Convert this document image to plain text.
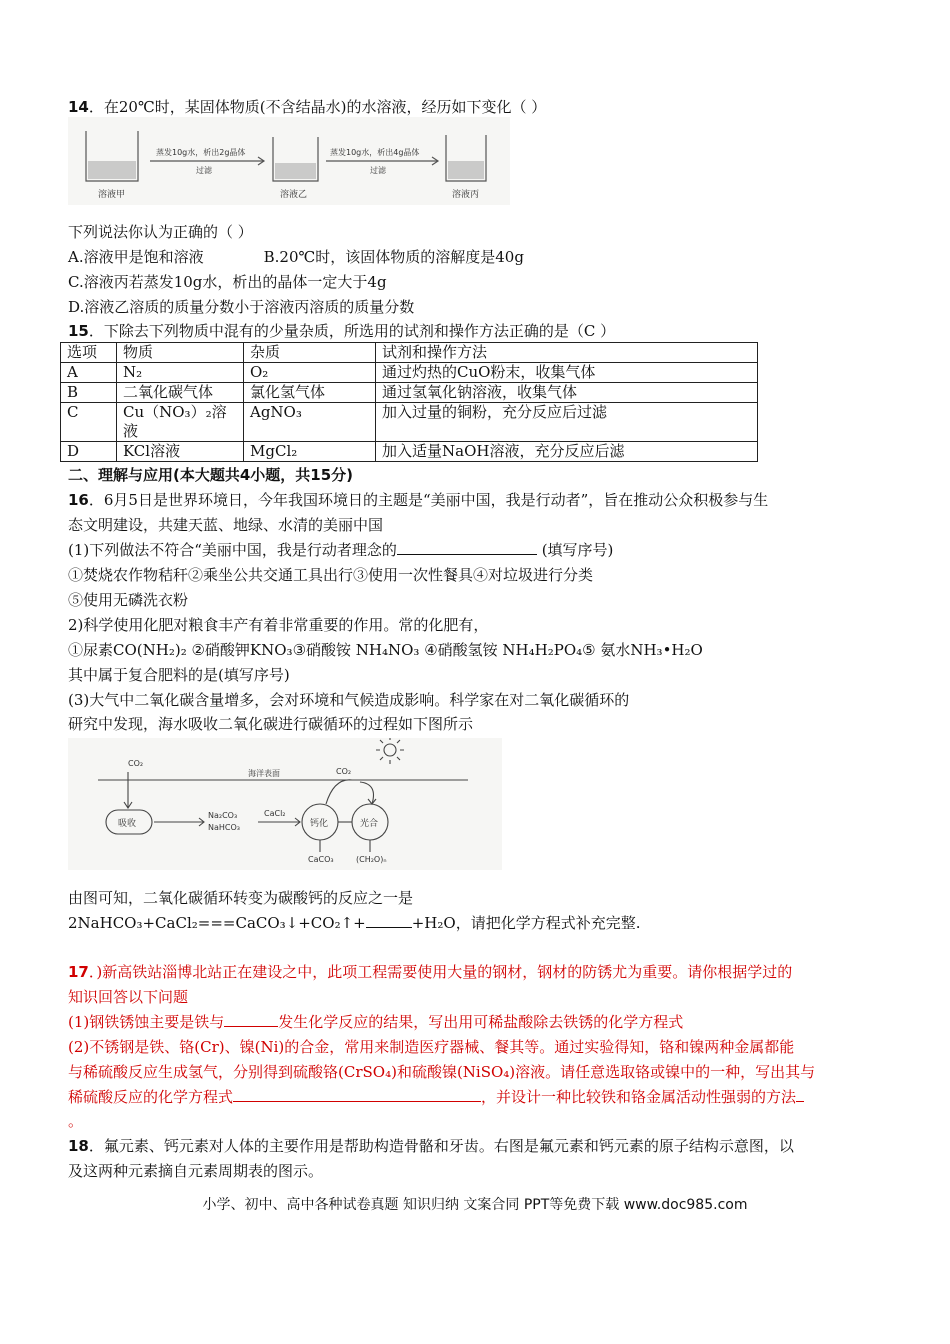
14．在20℃时，某固体物质(不含结晶水)的水溶液，经历如下变化（ ）
蒸发10g水，析出2g晶体
过滤
蒸发10g水，析出4g晶体
过滤
溶液甲	溶液乙	溶液丙
下列说法你认为正确的（ ）
A.溶液甲是饱和溶液	B.20℃时，该固体物质的溶解度是40g
C.溶液丙若蒸发10g水，析出的晶体一定大于4g
D.溶液乙溶质的质量分数小于溶液丙溶质的质量分数
15．下除去下列物质中混有的少量杂质，所选用的试剂和操作方法正确的是（C ）
选项	物质	杂质	试剂和操作方法
A	N₂	O₂	通过灼热的CuO粉末，收集气体
B	二氧化碳气体	氯化氢气体	通过氢氧化钠溶液，收集气体
C	Cu（NO₃）₂溶液	AgNO₃	加入过量的铜粉，充分反应后过滤
D	KCl溶液	MgCl₂	加入适量NaOH溶液，充分反应后滤
二、理解与应用(本大题共4小题，共15分)
16．6月5日是世界环境日，今年我国环境日的主题是“美丽中国，我是行动者”，旨在推动公众积极参与生
态文明建设，共建天蓝、地绿、水清的美丽中国
(1)下列做法不符合“美丽中国，我是行动者理念的	(填写序号)
①焚烧农作物秸秆②乘坐公共交通工具出行③使用一次性餐具④对垃圾进行分类
⑤使用无磷洗衣粉
2)科学使用化肥对粮食丰产有着非常重要的作用。常的化肥有，
①尿素CO(NH₂)₂ ②硝酸钾KNO₃③硝酸铵 NH₄NO₃ ④硝酸氢铵 NH₄H₂PO₄⑤ 氨水NH₃•H₂O
其中属于复合肥料的是(填写序号)
(3)大气中二氧化碳含量增多，会对环境和气候造成影响。科学家在对二氧化碳循环的
研究中发现，海水吸收二氧化碳进行碳循环的过程如下图所示
CO₂
海洋表面	CO₂
吸收
Na₂CO₃
NaHCO₃
CaCl₂
钙化	光合
CaCO₃	(CH₂O)ₙ
由图可知，二氧化碳循环转变为碳酸钙的反应之一是
2NaHCO₃+CaCl₂===CaCO₃↓+CO₂↑+	+H₂O，请把化学方程式补充完整.
17．)新高铁站淄博北站正在建设之中，此项工程需要使用大量的钢材，钢材的防锈尤为重要。请你根据学过的
知识回答以下问题
(1)钢铁锈蚀主要是铁与	发生化学反应的结果，写出用可稀盐酸除去铁锈的化学方程式
(2)不锈钢是铁、铬(Cr)、镍(Ni)的合金，常用来制造医疗器械、餐其等。通过实验得知，铬和镍两种金属都能
与稀硫酸反应生成氢气，分别得到硫酸铬(CrSO₄)和硫酸镍(NiSO₄)溶液。请任意选取铬或镍中的一种，写出其与
稀硫酸反应的化学方程式	，并设计一种比较铁和铬金属活动性强弱的方法
。
18．氟元素、钙元素对人体的主要作用是帮助构造骨骼和牙齿。右图是氟元素和钙元素的原子结构示意图，以
及这两种元素摘自元素周期表的图示。
小学、初中、高中各种试卷真题 知识归纳 文案合同 PPT等免费下载 www.doc985.com
